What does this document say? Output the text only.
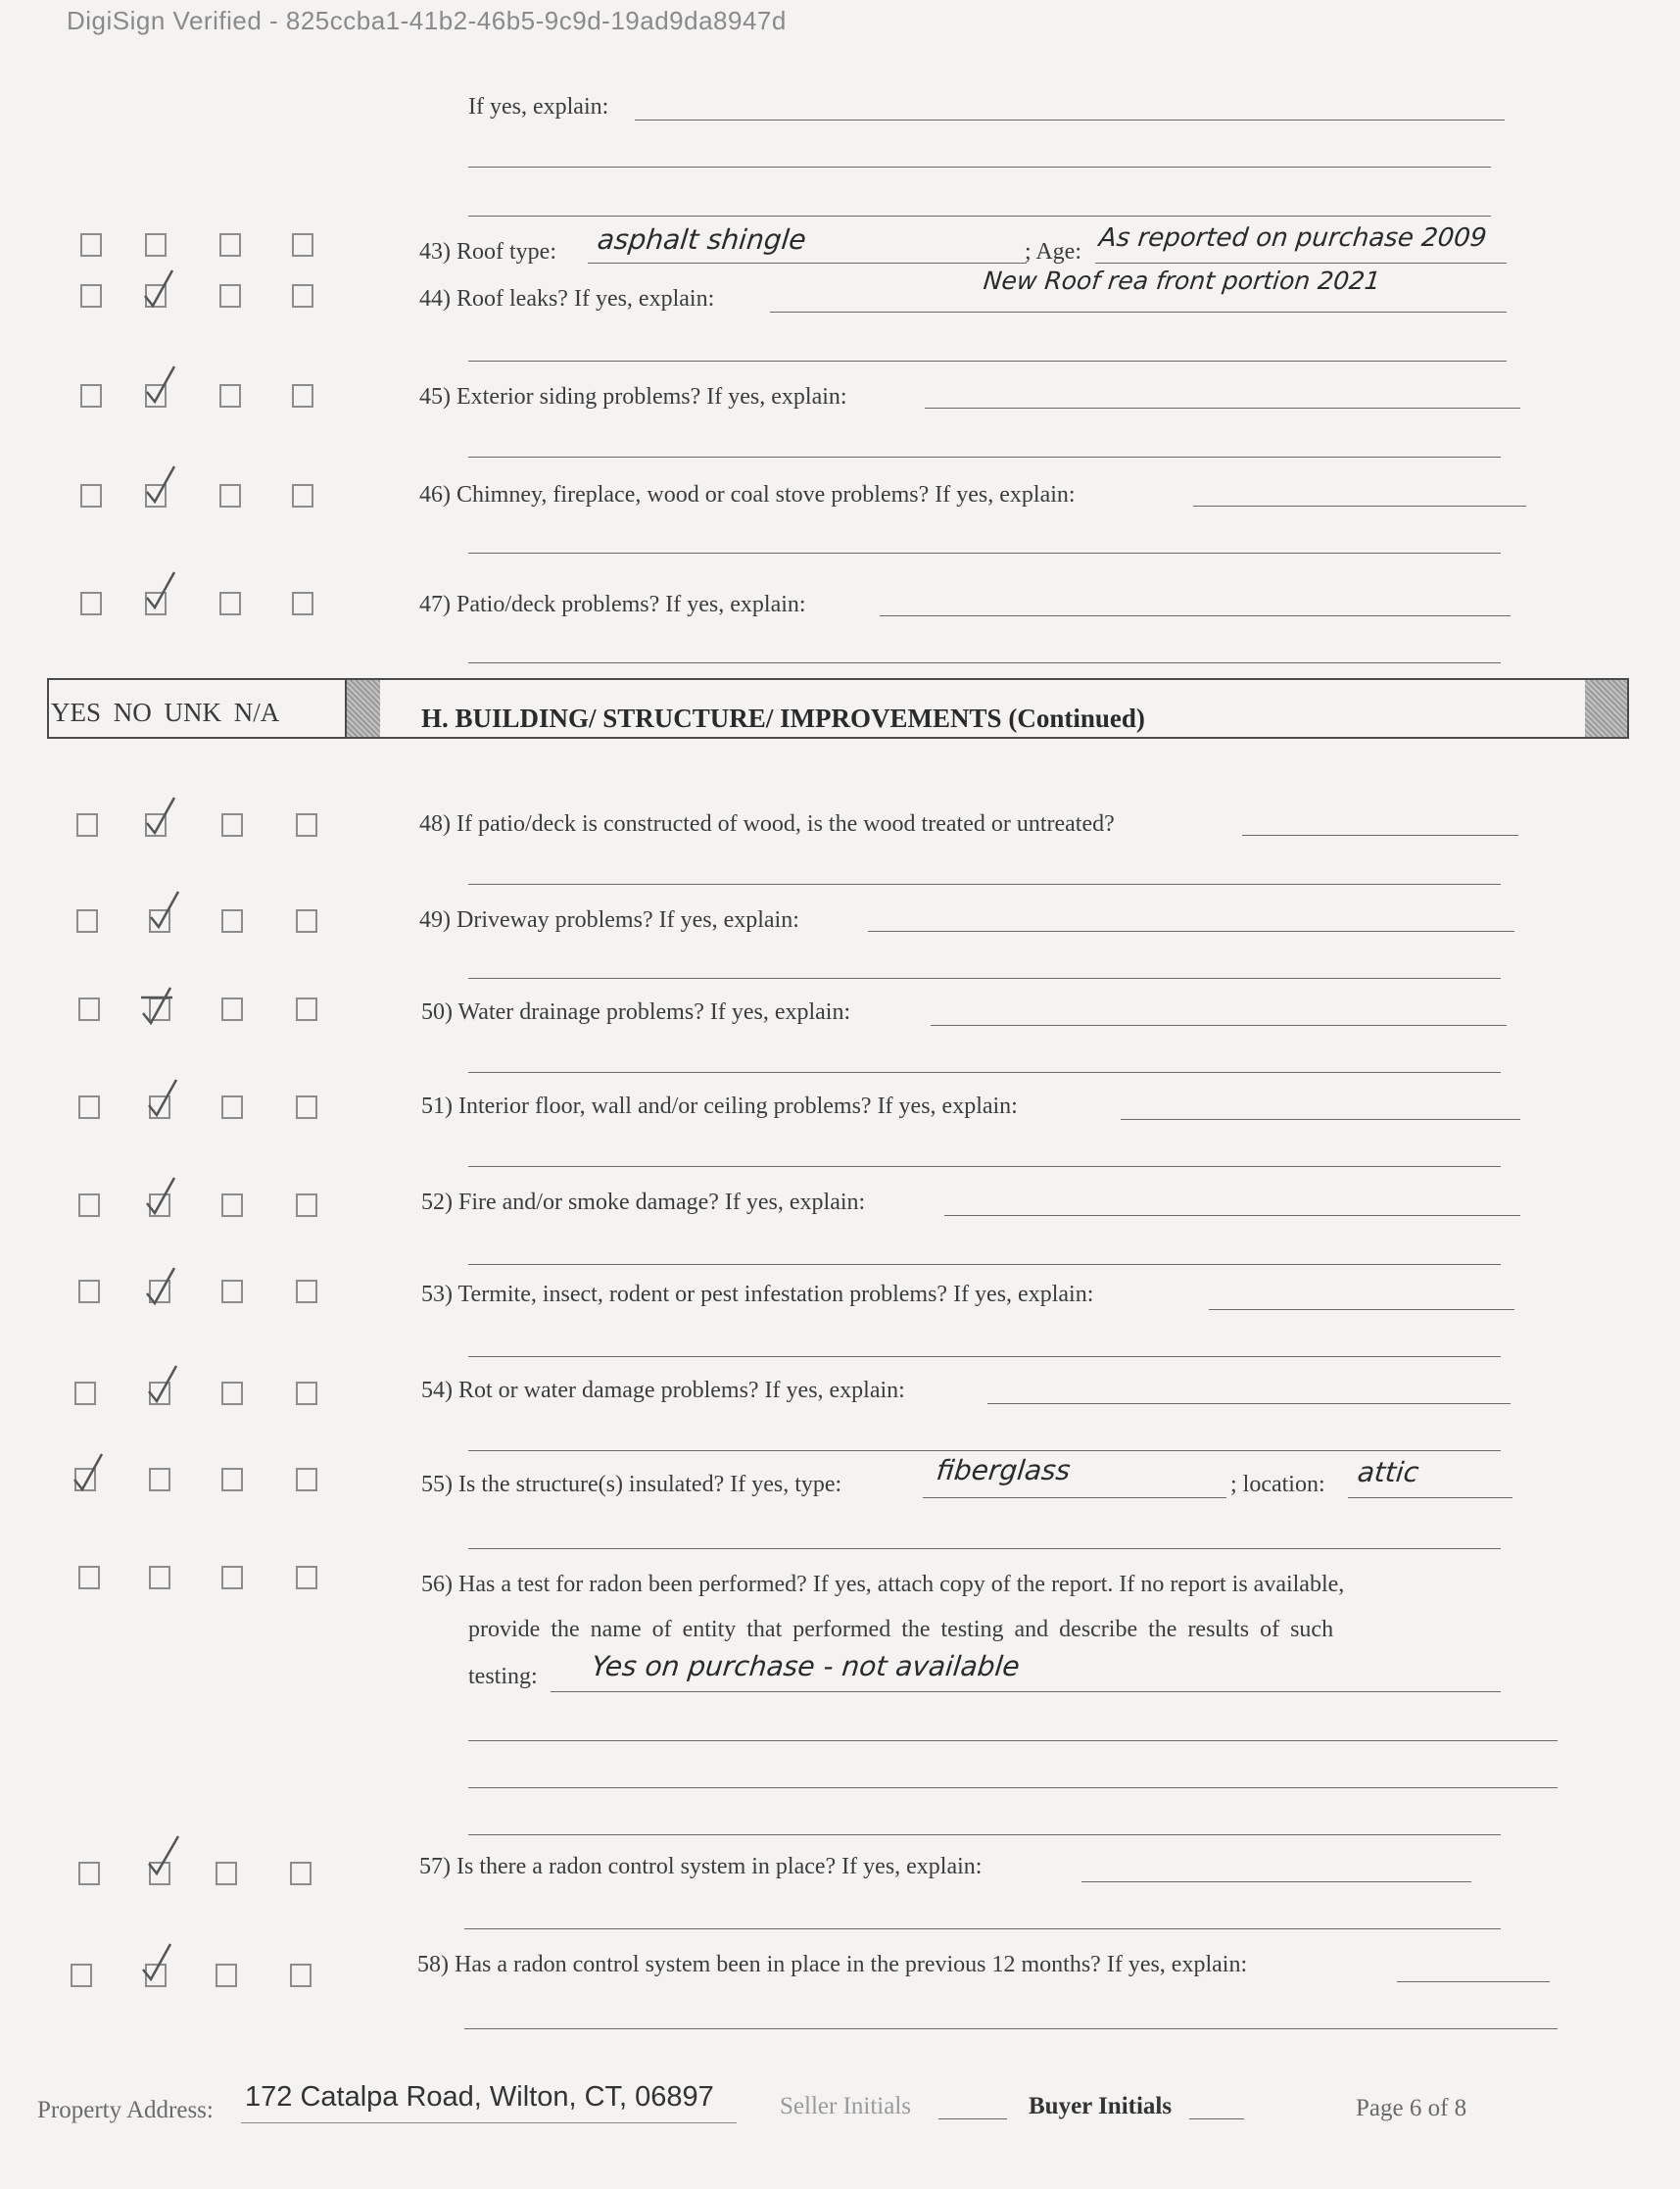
DigiSign Verified - 825ccba1-41b2-46b5-9c9d-19ad9da8947d
If yes, explain:
43) Roof type: asphalt shingle	; Age: As reported on purchase 2009
44) Roof leaks? If yes, explain:
New Roof rea front portion 2021
45) Exterior siding problems? If yes, explain:
46) Chimney, fireplace, wood or coal stove problems? If yes, explain:
47) Patio/deck problems? If yes, explain:
YES NO UNK N/A	H. BUILDING/ STRUCTURE/ IMPROVEMENTS (Continued)
48) If patio/deck is constructed of wood, is the wood treated or untreated?
49) Driveway problems? If yes, explain:
50) Water drainage problems? If yes, explain:
51) Interior floor, wall and/or ceiling problems? If yes, explain:
52) Fire and/or smoke damage? If yes, explain:
53) Termite, insect, rodent or pest infestation problems? If yes, explain:
54) Rot or water damage problems? If yes, explain:
55) Is the structure(s) insulated? If yes, type:	fiberglass	; location: attic
56) Has a test for radon been performed? If yes, attach copy of the report. If no report is available,
provide the name of entity that performed the testing and describe the results of such
testing: Yes on purchase - not available
57) Is there a radon control system in place? If yes, explain:
58) Has a radon control system been in place in the previous 12 months? If yes, explain:
Property Address: 172 Catalpa Road, Wilton, CT, 06897	Seller Initials	Buyer Initials	Page 6 of 8
